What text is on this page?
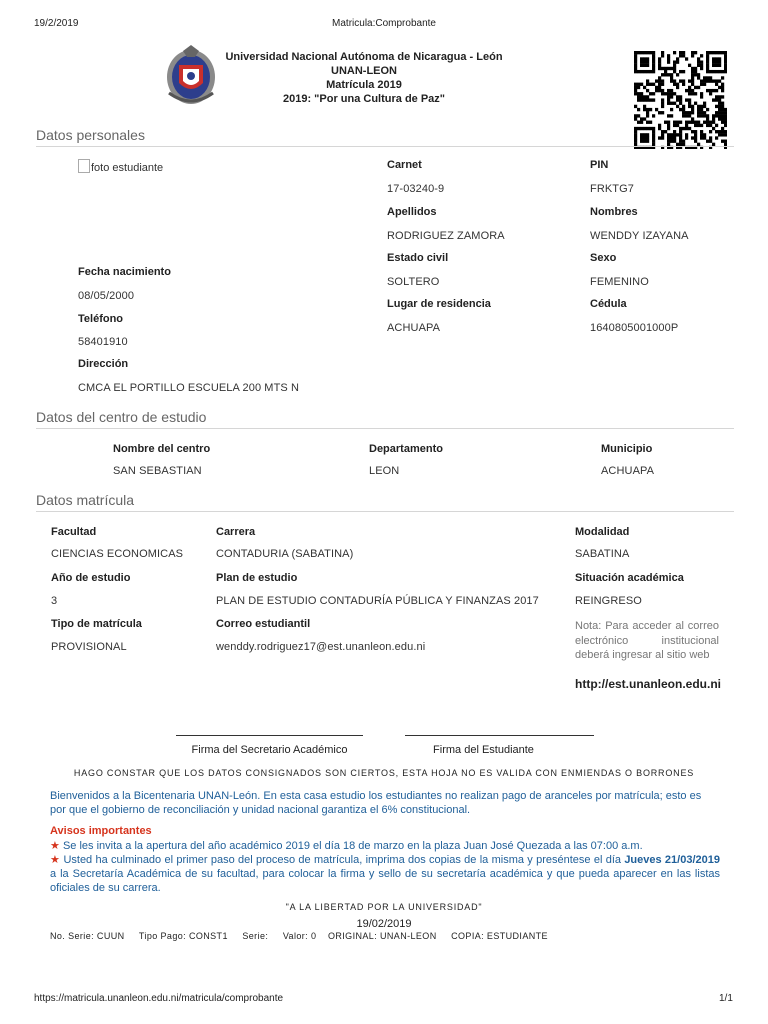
19/2/2019	Matricula:Comprobante
Universidad Nacional Autónoma de Nicaragua - León
UNAN-LEON
Matrícula 2019
2019: "Por una Cultura de Paz"
Datos personales
foto estudiante	Carnet
17-03240-9
PIN
FRKTG7
Apellidos
RODRIGUEZ ZAMORA
Nombres
WENDDY IZAYANA
Estado civil
SOLTERO
Sexo
FEMENINO
Lugar de residencia
ACHUAPA
Cédula
1640805001000P
Fecha nacimiento
08/05/2000
Teléfono
58401910
Dirección
CMCA EL PORTILLO ESCUELA 200 MTS N
Datos del centro de estudio
Nombre del centro
SAN SEBASTIAN
Departamento
LEON
Municipio
ACHUAPA
Datos matrícula
Facultad
CIENCIAS ECONOMICAS
Carrera
CONTADURIA (SABATINA)
Modalidad
SABATINA
Año de estudio
3
Plan de estudio
PLAN DE ESTUDIO CONTADURÍA PÚBLICA Y FINANZAS 2017
Situación académica
REINGRESO
Tipo de matrícula
PROVISIONAL
Correo estudiantil
wenddy.rodriguez17@est.unanleon.edu.ni
Nota: Para acceder al correo electrónico institucional deberá ingresar al sitio web
http://est.unanleon.edu.ni
Firma del Secretario Académico	Firma del Estudiante
HAGO CONSTAR QUE LOS DATOS CONSIGNADOS SON CIERTOS, ESTA HOJA NO ES VALIDA CON ENMIENDAS O BORRONES
Bienvenidos a la Bicentenaria UNAN-León. En esta casa estudio los estudiantes no realizan pago de aranceles por matrícula; esto es por que el gobierno de reconciliación y unidad nacional garantiza el 6% constitucional.
Avisos importantes
★ Se les invita a la apertura del año académico 2019 el día 18 de marzo en la plaza Juan José Quezada a las 07:00 a.m.
★ Usted ha culminado el primer paso del proceso de matrícula, imprima dos copias de la misma y preséntese el día Jueves 21/03/2019 a la Secretaría Académica de su facultad, para colocar la firma y sello de su secretaría académica y que pueda aparecer en las listas oficiales de su carrera.
"A LA LIBERTAD POR LA UNIVERSIDAD"
19/02/2019
No. Serie: CUUN Tipo Pago: CONST1 Serie: Valor: 0 ORIGINAL: UNAN-LEON COPIA: ESTUDIANTE
https://matricula.unanleon.edu.ni/matricula/comprobante	1/1
